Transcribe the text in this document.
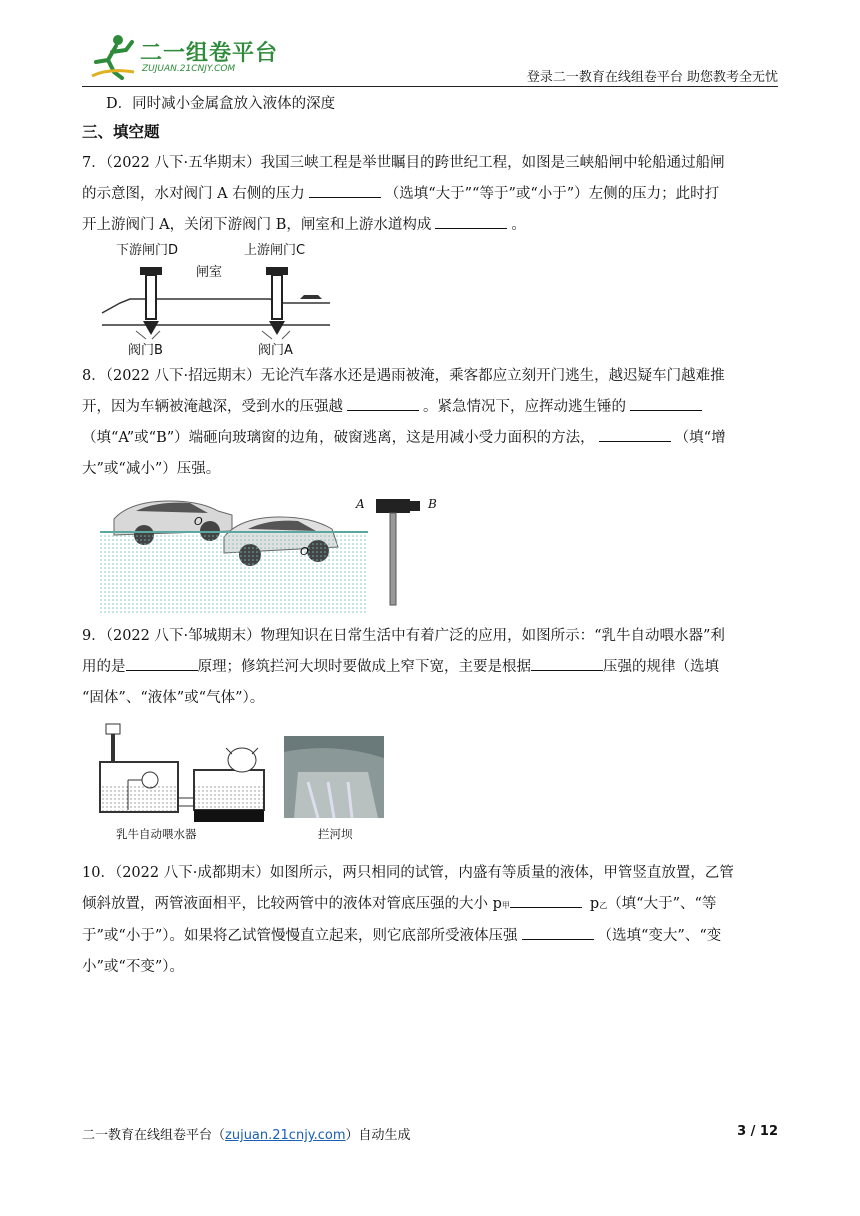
二一组卷平台
ZUJUAN.21CNJY.COM
登录二一教育在线组卷平台 助您教考全无忧
D．同时减小金属盒放入液体的深度
三、填空题
7．（2022 八下·五华期末）我国三峡工程是举世瞩目的跨世纪工程，如图是三峡船闸中轮船通过船闸
的示意图，水对阀门 A 右侧的压力	（选填“大于”“等于”或“小于”）左侧的压力；此时打
开上游阀门 A，关闭下游阀门 B，闸室和上游水道构成	。
下游闸门D	上游闸门C
闸室
阀门B	阀门A
8．（2022 八下·招远期末）无论汽车落水还是遇雨被淹，乘客都应立刻开门逃生，越迟疑车门越难推
开，因为车辆被淹越深，受到水的压强越	。紧急情况下，应挥动逃生锤的
（填“A”或“B”）端砸向玻璃窗的边角，破窗逃离，这是用减小受力面积的方法，	（填“增
大”或“减小”）压强。
O
O
A	B
9．（2022 八下·邹城期末）物理知识在日常生活中有着广泛的应用，如图所示：“乳牛自动喂水器”利
用的是	原理；修筑拦河大坝时要做成上窄下宽，主要是根据	压强的规律（选填
“固体”、“液体”或“气体”）。
乳牛自动喂水器	拦河坝
10．（2022 八下·成都期末）如图所示，两只相同的试管，内盛有等质量的液体，甲管竖直放置，乙管
倾斜放置，两管液面相平，比较两管中的液体对管底压强的大小 p甲	p乙（填“大于”、“等
于”或“小于”）。如果将乙试管慢慢直立起来，则它底部所受液体压强	（选填“变大”、“变
小”或“不变”）。
二一教育在线组卷平台（zujuan.21cnjy.com）自动生成	3 / 12
